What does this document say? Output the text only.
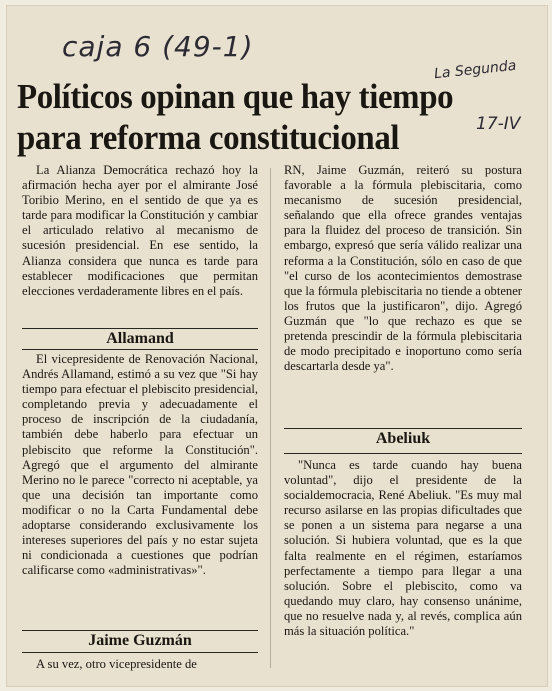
caja 6 (49-1)
La Segunda
17-IV
Políticos opinan que hay tiempo
para reforma constitucional

La Alianza Democrática rechazó hoy la afirmación hecha ayer por el almirante José Toribio Merino, en el sentido de que ya es tarde para modificar la Constitución y cambiar el articulado relativo al mecanismo de sucesión presidencial. En ese sentido, la Alianza considera que nunca es tarde para establecer modificaciones que permitan elecciones verdaderamente libres en el país.

Allamand

El vicepresidente de Renovación Nacional, Andrés Allamand, estimó a su vez que "Si hay tiempo para efectuar el plebiscito presidencial, completando previa y adecuadamente el proceso de inscripción de la ciudadanía, también debe haberlo para efectuar un plebiscito que reforme la Constitución". Agregó que el argumento del almirante Merino no le parece "correcto ni aceptable, ya que una decisión tan importante como modificar o no la Carta Fundamental debe adoptarse considerando exclusivamente los intereses superiores del país y no estar sujeta ni condicionada a cuestiones que podrían calificarse como «administrativas»".

Jaime Guzmán

A su vez, otro vicepresidente de

RN, Jaime Guzmán, reiteró su postura favorable a la fórmula plebiscitaria, como mecanismo de sucesión presidencial, señalando que ella ofrece grandes ventajas para la fluidez del proceso de transición. Sin embargo, expresó que sería válido realizar una reforma a la Constitución, sólo en caso de que "el curso de los acontecimientos demostrase que la fórmula plebiscitaria no tiende a obtener los frutos que la justificaron", dijo. Agregó Guzmán que "lo que rechazo es que se pretenda prescindir de la fórmula plebiscitaria de modo precipitado e inoportuno como sería descartarla desde ya".

Abeliuk

"Nunca es tarde cuando hay buena voluntad", dijo el presidente de la socialdemocracia, René Abeliuk. "Es muy mal recurso asilarse en las propias dificultades que se ponen a un sistema para negarse a una solución. Si hubiera voluntad, que es la que falta realmente en el régimen, estaríamos perfectamente a tiempo para llegar a una solución. Sobre el plebiscito, como va quedando muy claro, hay consenso unánime, que no resuelve nada y, al revés, complica aún más la situación política."
